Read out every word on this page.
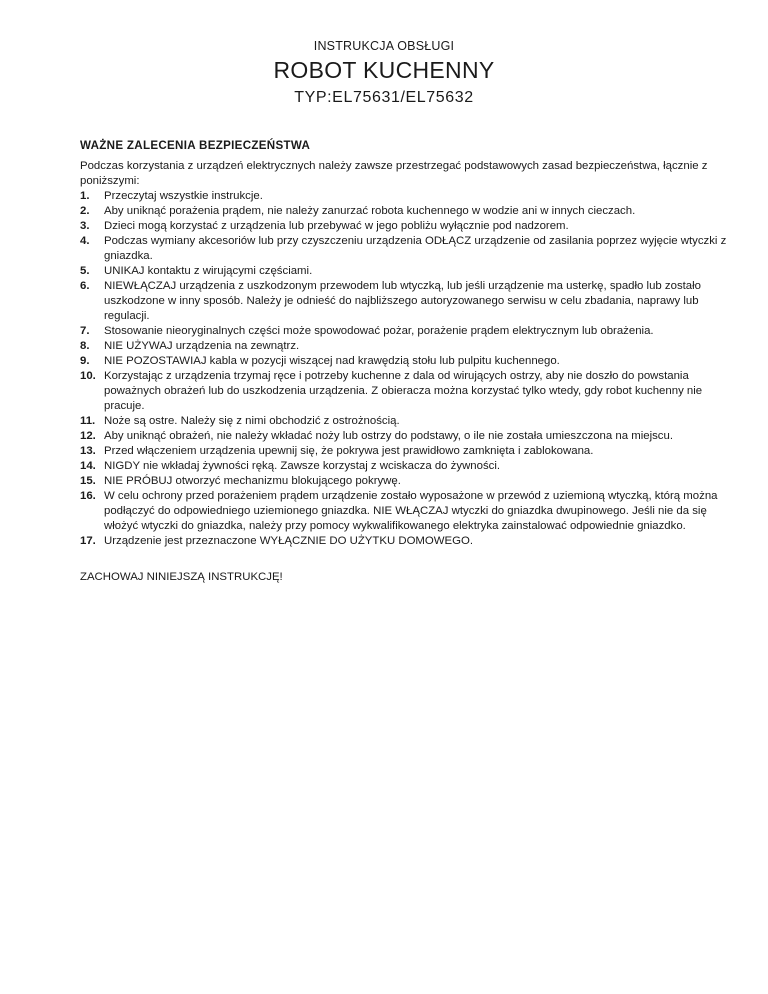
INSTRUKCJA OBSŁUGI
ROBOT KUCHENNY
TYP:EL75631/EL75632
WAŻNE ZALECENIA BEZPIECZEŃSTWA

Podczas korzystania z urządzeń elektrycznych należy zawsze przestrzegać podstawowych zasad bezpieczeństwa, łącznie z poniższymi:

1.	Przeczytaj wszystkie instrukcje.
2.	Aby uniknąć porażenia prądem, nie należy zanurzać robota kuchennego w wodzie ani w innych cieczach.
3.	Dzieci mogą korzystać z urządzenia lub przebywać w jego pobliżu wyłącznie pod nadzorem.
4.	Podczas wymiany akcesoriów lub przy czyszczeniu urządzenia ODŁĄCZ urządzenie od zasilania poprzez wyjęcie wtyczki z gniazdka.
5.	UNIKAJ kontaktu z wirującymi częściami.
6.	NIEWŁĄCZAJ urządzenia z uszkodzonym przewodem lub wtyczką, lub jeśli urządzenie ma usterkę, spadło lub zostało uszkodzone w inny sposób. Należy je odnieść do najbliższego autoryzowanego serwisu w celu zbadania, naprawy lub regulacji.
7.	Stosowanie nieoryginalnych części może spowodować pożar, porażenie prądem elektrycznym lub obrażenia.
8.	NIE UŻYWAJ urządzenia na zewnątrz.
9.	NIE POZOSTAWIAJ kabla w pozycji wiszącej nad krawędzią stołu lub pulpitu kuchennego.
10. Korzystając z urządzenia trzymaj ręce i potrzeby kuchenne z dala od wirujących ostrzy, aby nie doszło do powstania poważnych obrażeń lub do uszkodzenia urządzenia. Z obieracza można korzystać tylko wtedy, gdy robot kuchenny nie pracuje.
11. Noże są ostre. Należy się z nimi obchodzić z ostrożnością.
12. Aby uniknąć obrażeń, nie należy wkładać noży lub ostrzy do podstawy, o ile nie została umieszczona na miejscu.
13. Przed włączeniem urządzenia upewnij się, że pokrywa jest prawidłowo zamknięta i zablokowana.
14. NIGDY nie wkładaj żywności ręką. Zawsze korzystaj z wciskacza do żywności.
15. NIE PRÓBUJ otworzyć mechanizmu blokującego pokrywę.
16. W celu ochrony przed porażeniem prądem urządzenie zostało wyposażone w przewód z uziemioną wtyczką, którą można podłączyć do odpowiedniego uziemionego gniazdka. NIE WŁĄCZAJ wtyczki do gniazdka dwupinowego. Jeśli nie da się włożyć wtyczki do gniazdka, należy przy pomocy wykwalifikowanego elektryka zainstalować odpowiednie gniazdko.
17. Urządzenie jest przeznaczone WYŁĄCZNIE DO UŻYTKU DOMOWEGO.
ZACHOWAJ NINIEJSZĄ INSTRUKCJĘ!
